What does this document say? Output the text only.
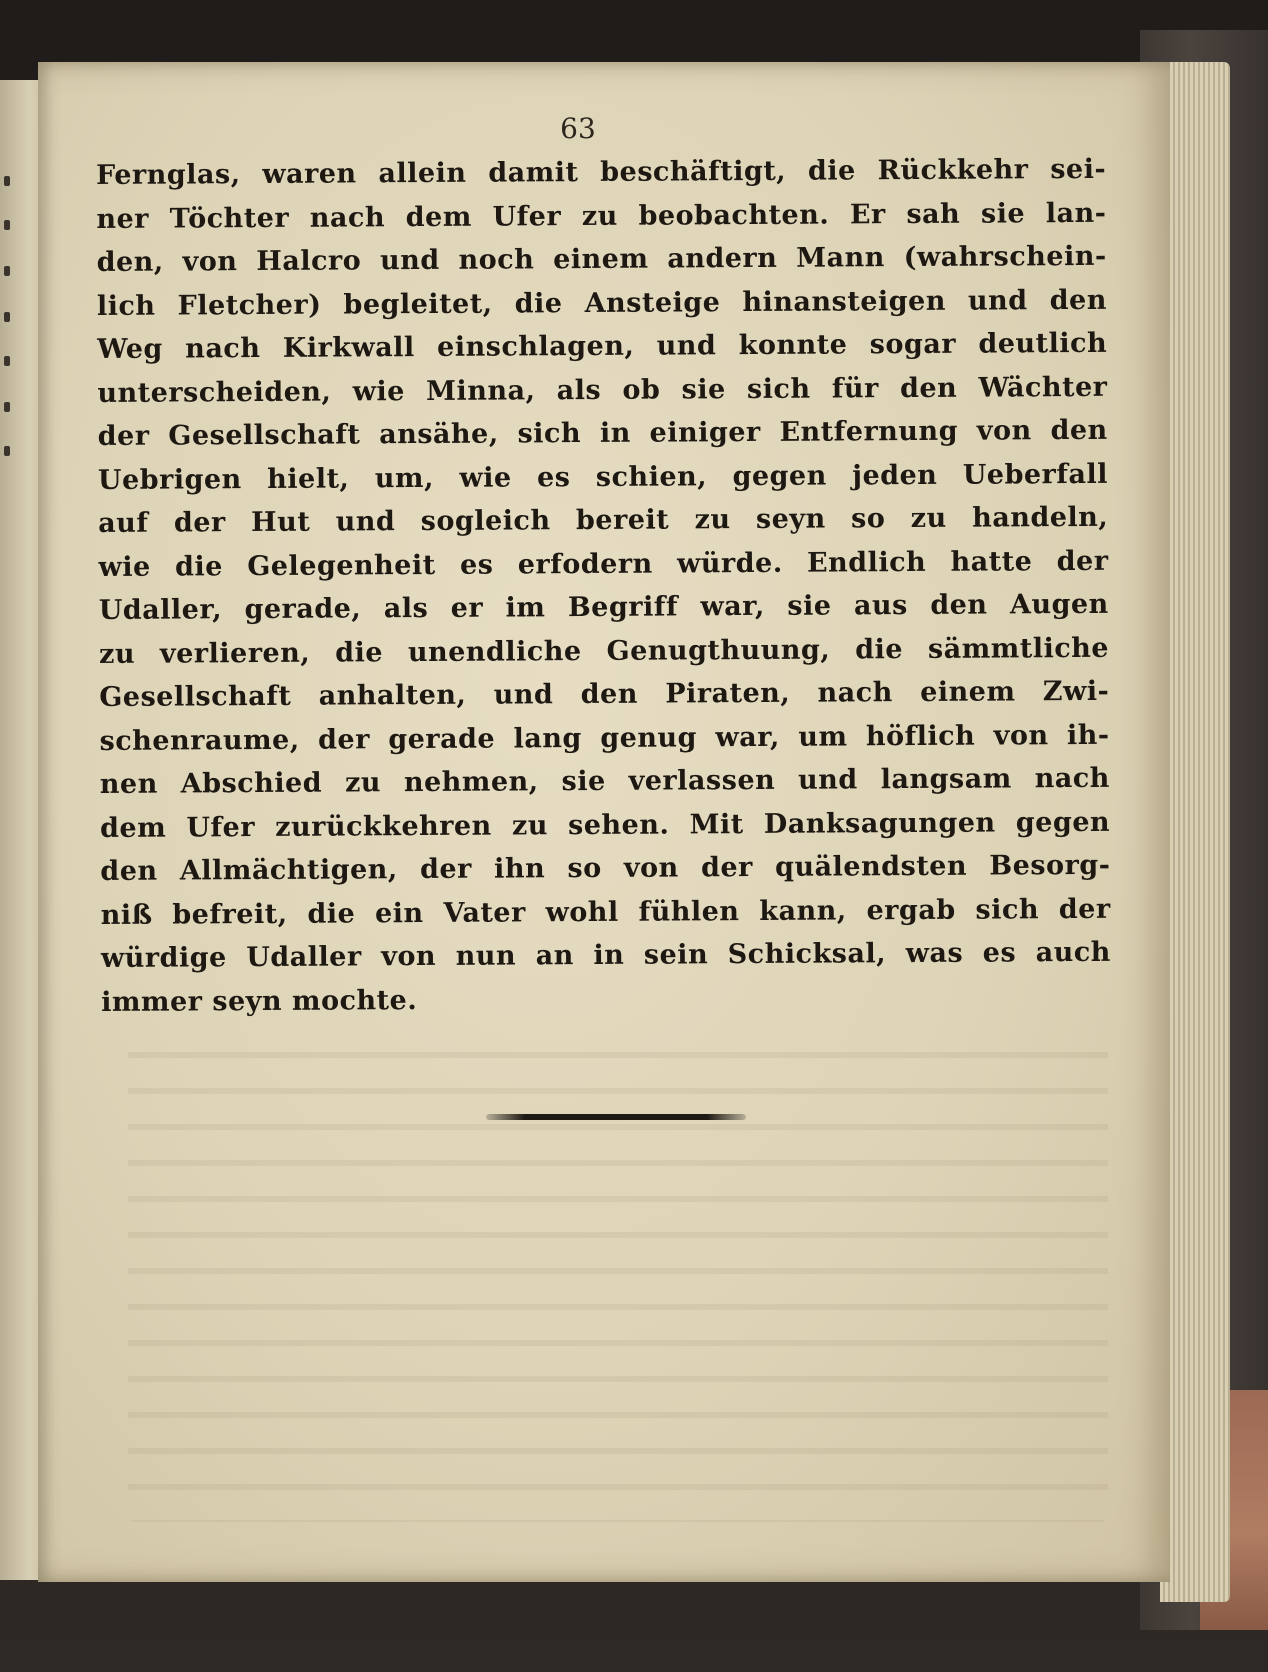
63
Fernglas, waren allein damit beschäftigt, die Rückkehr sei-
ner Töchter nach dem Ufer zu beobachten. Er sah sie lan-
den, von Halcro und noch einem andern Mann (wahrschein-
lich Fletcher) begleitet, die Ansteige hinansteigen und den
Weg nach Kirkwall einschlagen, und konnte sogar deutlich
unterscheiden, wie Minna, als ob sie sich für den Wächter
der Gesellschaft ansähe, sich in einiger Entfernung von den
Uebrigen hielt, um, wie es schien, gegen jeden Ueberfall
auf der Hut und sogleich bereit zu seyn so zu handeln,
wie die Gelegenheit es erfodern würde. Endlich hatte der
Udaller, gerade, als er im Begriff war, sie aus den Augen
zu verlieren, die unendliche Genugthuung, die sämmtliche
Gesellschaft anhalten, und den Piraten, nach einem Zwi-
schenraume, der gerade lang genug war, um höflich von ih-
nen Abschied zu nehmen, sie verlassen und langsam nach
dem Ufer zurückkehren zu sehen. Mit Danksagungen gegen
den Allmächtigen, der ihn so von der quälendsten Besorg-
niß befreit, die ein Vater wohl fühlen kann, ergab sich der
würdige Udaller von nun an in sein Schicksal, was es auch
immer seyn mochte.
